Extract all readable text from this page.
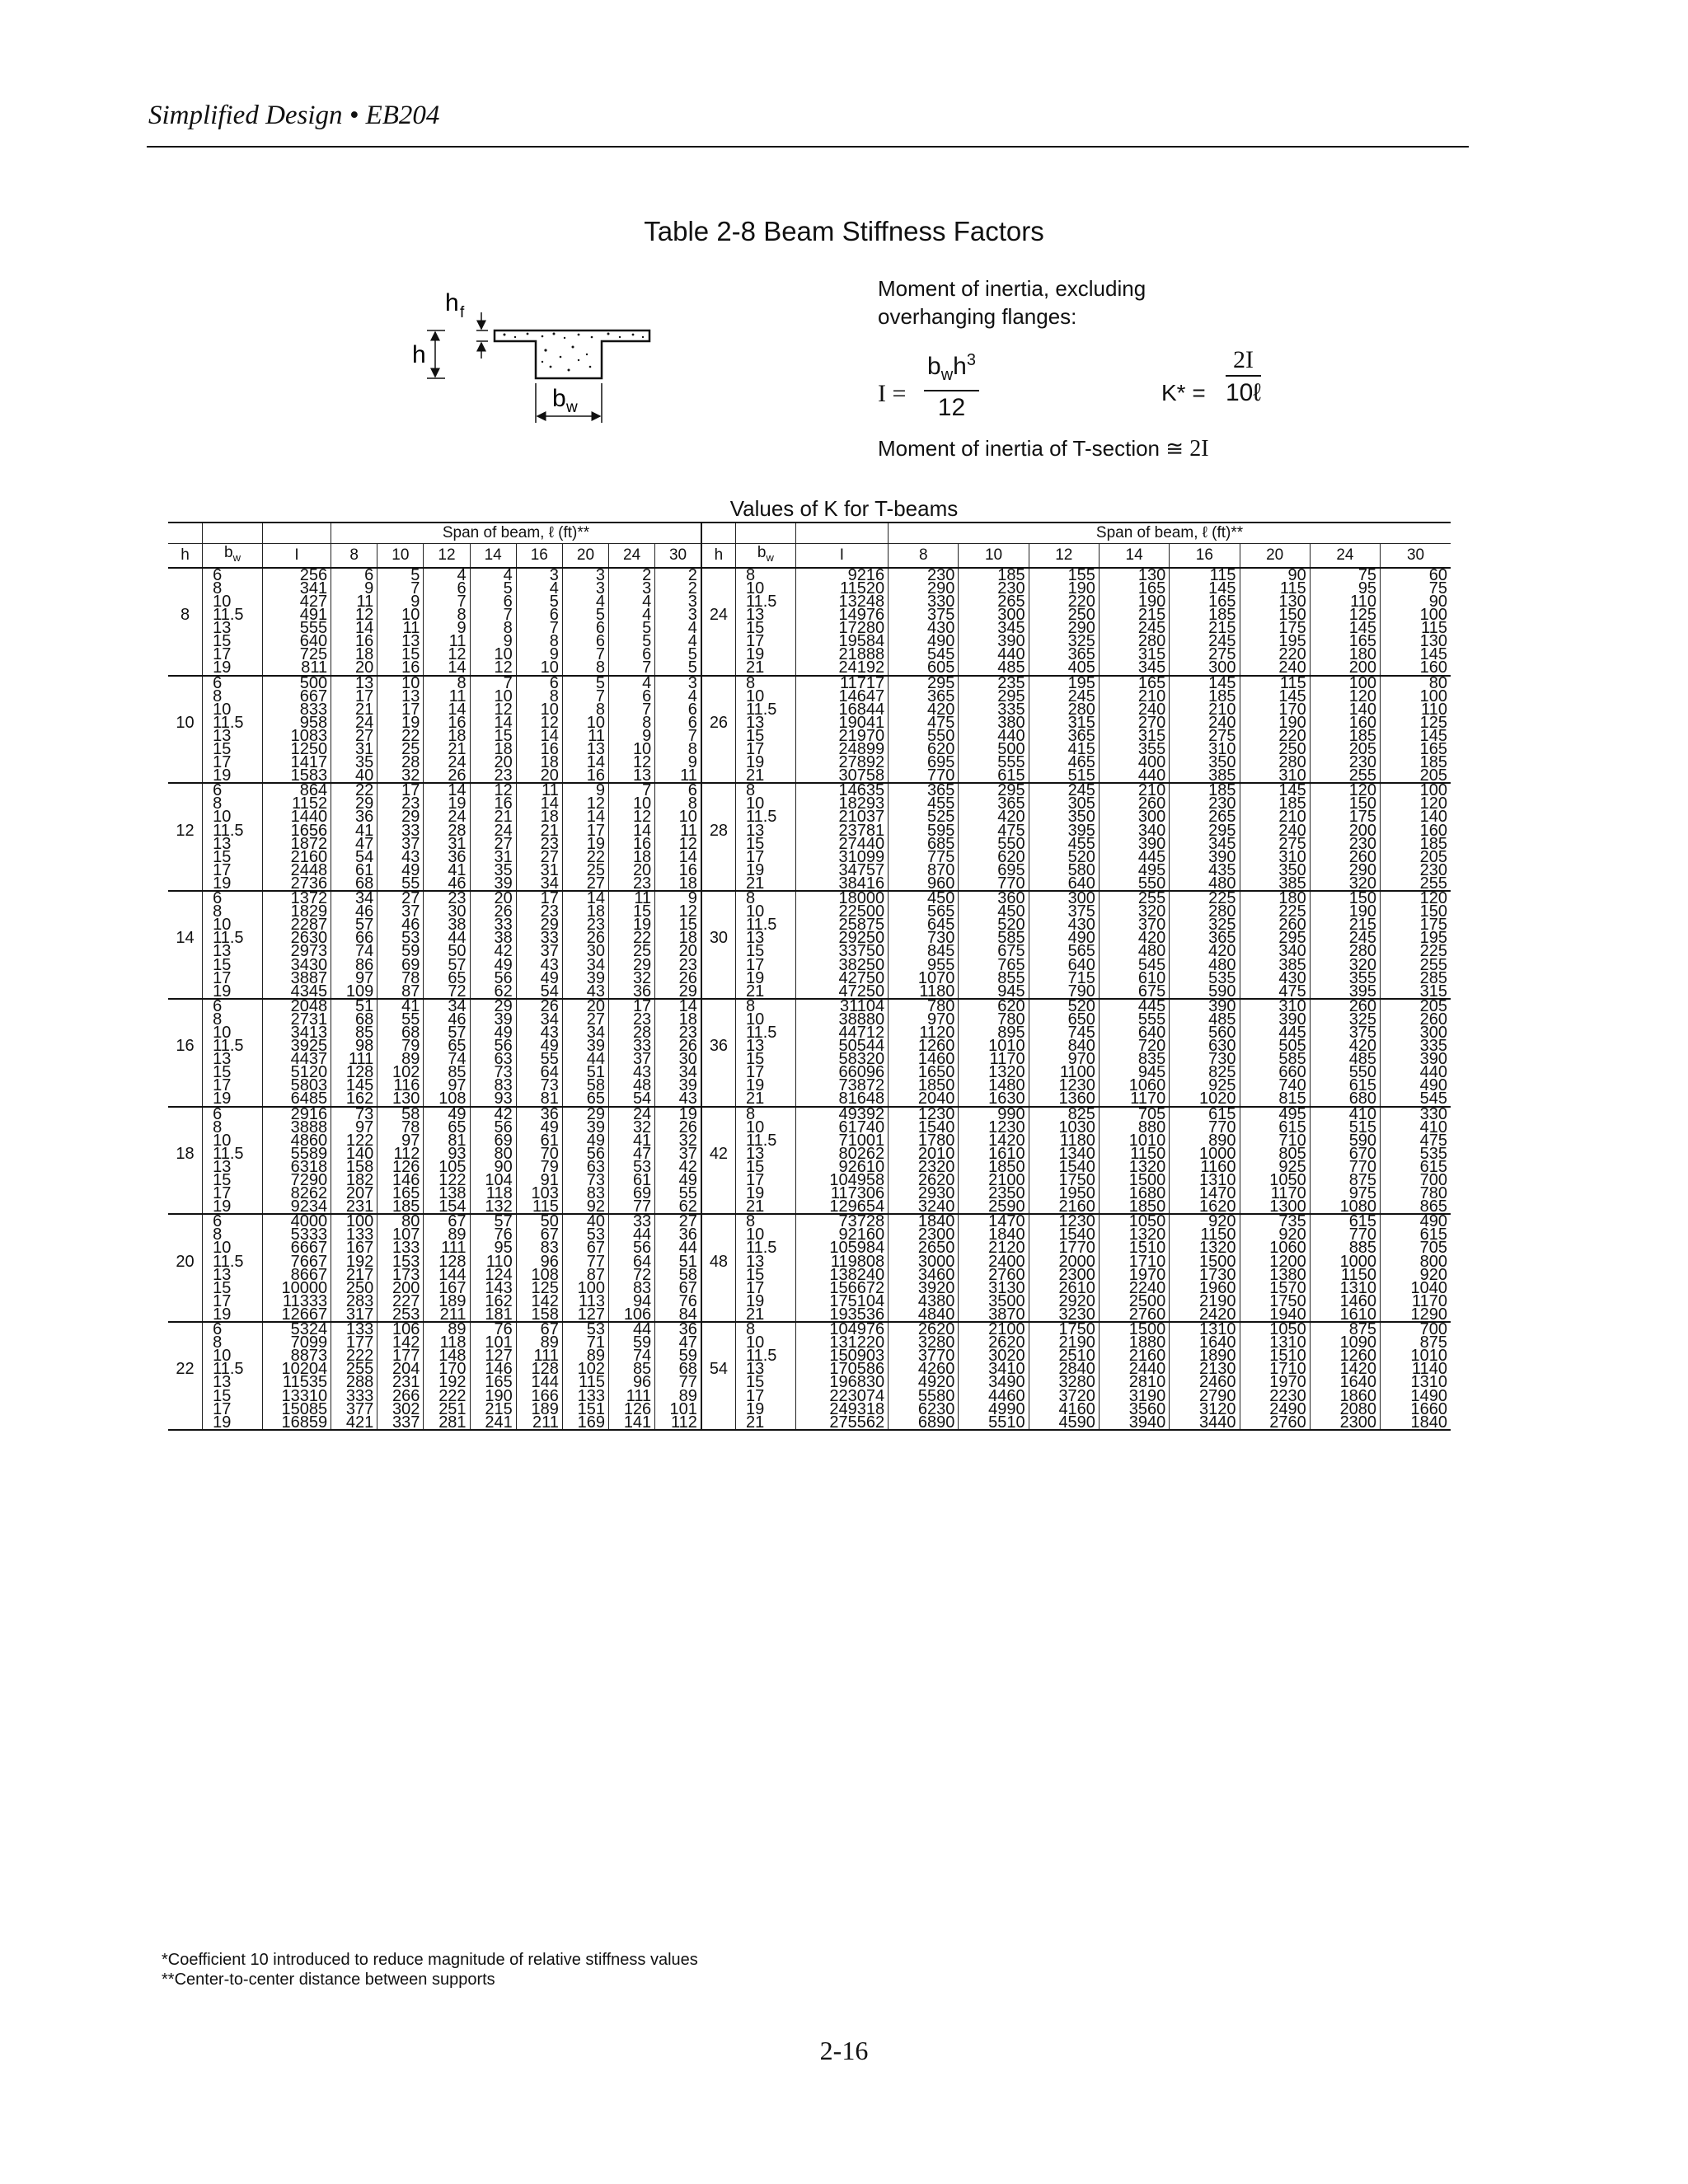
Simplified Design • EB204
Table 2-8 Beam Stiffness Factors
h f
h
b w
Moment of inertia, excluding
overhanging flanges:
I =
$b_wh^3$
12
K* =
2I
10ℓ
Moment of inertia of T-section ≅ 2I
Values of K for T-beams
			Span of beam, ℓ (ft)**											Span of beam, ℓ (ft)**							
h	$b_w$	I	8	10	12	14	16	20	24	30	h	$b_w$	I	8	10	12	14	16	20	24	30
	6	256	6	5	4	4	3	3	2	2		8	9216	230	185	155	130	115	90	75	60
	8	341	9	7	6	5	4	3	3	2		10	11520	290	230	190	165	145	115	95	75
	10	427	11	9	7	6	5	4	4	3		11.5	13248	330	265	220	190	165	130	110	90
8	11.5	491	12	10	8	7	6	5	4	3	24	13	14976	375	300	250	215	185	150	125	100
	13	555	14	11	9	8	7	6	5	4		15	17280	430	345	290	245	215	175	145	115
	15	640	16	13	11	9	8	6	5	4		17	19584	490	390	325	280	245	195	165	130
	17	725	18	15	12	10	9	7	6	5		19	21888	545	440	365	315	275	220	180	145
	19	811	20	16	14	12	10	8	7	5		21	24192	605	485	405	345	300	240	200	160
	6	500	13	10	8	7	6	5	4	3		8	11717	295	235	195	165	145	115	100	80
	8	667	17	13	11	10	8	7	6	4		10	14647	365	295	245	210	185	145	120	100
	10	833	21	17	14	12	10	8	7	6		11.5	16844	420	335	280	240	210	170	140	110
10	11.5	958	24	19	16	14	12	10	8	6	26	13	19041	475	380	315	270	240	190	160	125
	13	1083	27	22	18	15	14	11	9	7		15	21970	550	440	365	315	275	220	185	145
	15	1250	31	25	21	18	16	13	10	8		17	24899	620	500	415	355	310	250	205	165
	17	1417	35	28	24	20	18	14	12	9		19	27892	695	555	465	400	350	280	230	185
	19	1583	40	32	26	23	20	16	13	11		21	30758	770	615	515	440	385	310	255	205
	6	864	22	17	14	12	11	9	7	6		8	14635	365	295	245	210	185	145	120	100
	8	1152	29	23	19	16	14	12	10	8		10	18293	455	365	305	260	230	185	150	120
	10	1440	36	29	24	21	18	14	12	10		11.5	21037	525	420	350	300	265	210	175	140
12	11.5	1656	41	33	28	24	21	17	14	11	28	13	23781	595	475	395	340	295	240	200	160
	13	1872	47	37	31	27	23	19	16	12		15	27440	685	550	455	390	345	275	230	185
	15	2160	54	43	36	31	27	22	18	14		17	31099	775	620	520	445	390	310	260	205
	17	2448	61	49	41	35	31	25	20	16		19	34757	870	695	580	495	435	350	290	230
	19	2736	68	55	46	39	34	27	23	18		21	38416	960	770	640	550	480	385	320	255
	6	1372	34	27	23	20	17	14	11	9		8	18000	450	360	300	255	225	180	150	120
	8	1829	46	37	30	26	23	18	15	12		10	22500	565	450	375	320	280	225	190	150
	10	2287	57	46	38	33	29	23	19	15		11.5	25875	645	520	430	370	325	260	215	175
14	11.5	2630	66	53	44	38	33	26	22	18	30	13	29250	730	585	490	420	365	295	245	195
	13	2973	74	59	50	42	37	30	25	20		15	33750	845	675	565	480	420	340	280	225
	15	3430	86	69	57	49	43	34	29	23		17	38250	955	765	640	545	480	385	320	255
	17	3887	97	78	65	56	49	39	32	26		19	42750	1070	855	715	610	535	430	355	285
	19	4345	109	87	72	62	54	43	36	29		21	47250	1180	945	790	675	590	475	395	315
	6	2048	51	41	34	29	26	20	17	14		8	31104	780	620	520	445	390	310	260	205
	8	2731	68	55	46	39	34	27	23	18		10	38880	970	780	650	555	485	390	325	260
	10	3413	85	68	57	49	43	34	28	23		11.5	44712	1120	895	745	640	560	445	375	300
16	11.5	3925	98	79	65	56	49	39	33	26	36	13	50544	1260	1010	840	720	630	505	420	335
	13	4437	111	89	74	63	55	44	37	30		15	58320	1460	1170	970	835	730	585	485	390
	15	5120	128	102	85	73	64	51	43	34		17	66096	1650	1320	1100	945	825	660	550	440
	17	5803	145	116	97	83	73	58	48	39		19	73872	1850	1480	1230	1060	925	740	615	490
	19	6485	162	130	108	93	81	65	54	43		21	81648	2040	1630	1360	1170	1020	815	680	545
	6	2916	73	58	49	42	36	29	24	19		8	49392	1230	990	825	705	615	495	410	330
	8	3888	97	78	65	56	49	39	32	26		10	61740	1540	1230	1030	880	770	615	515	410
	10	4860	122	97	81	69	61	49	41	32		11.5	71001	1780	1420	1180	1010	890	710	590	475
18	11.5	5589	140	112	93	80	70	56	47	37	42	13	80262	2010	1610	1340	1150	1000	805	670	535
	13	6318	158	126	105	90	79	63	53	42		15	92610	2320	1850	1540	1320	1160	925	770	615
	15	7290	182	146	122	104	91	73	61	49		17	104958	2620	2100	1750	1500	1310	1050	875	700
	17	8262	207	165	138	118	103	83	69	55		19	117306	2930	2350	1950	1680	1470	1170	975	780
	19	9234	231	185	154	132	115	92	77	62		21	129654	3240	2590	2160	1850	1620	1300	1080	865
	6	4000	100	80	67	57	50	40	33	27		8	73728	1840	1470	1230	1050	920	735	615	490
	8	5333	133	107	89	76	67	53	44	36		10	92160	2300	1840	1540	1320	1150	920	770	615
	10	6667	167	133	111	95	83	67	56	44		11.5	105984	2650	2120	1770	1510	1320	1060	885	705
20	11.5	7667	192	153	128	110	96	77	64	51	48	13	119808	3000	2400	2000	1710	1500	1200	1000	800
	13	8667	217	173	144	124	108	87	72	58		15	138240	3460	2760	2300	1970	1730	1380	1150	920
	15	10000	250	200	167	143	125	100	83	67		17	156672	3920	3130	2610	2240	1960	1570	1310	1040
	17	11333	283	227	189	162	142	113	94	76		19	175104	4380	3500	2920	2500	2190	1750	1460	1170
	19	12667	317	253	211	181	158	127	106	84		21	193536	4840	3870	3230	2760	2420	1940	1610	1290
	6	5324	133	106	89	76	67	53	44	36		8	104976	2620	2100	1750	1500	1310	1050	875	700
	8	7099	177	142	118	101	89	71	59	47		10	131220	3280	2620	2190	1880	1640	1310	1090	875
	10	8873	222	177	148	127	111	89	74	59		11.5	150903	3770	3020	2510	2160	1890	1510	1260	1010
22	11.5	10204	255	204	170	146	128	102	85	68	54	13	170586	4260	3410	2840	2440	2130	1710	1420	1140
	13	11535	288	231	192	165	144	115	96	77		15	196830	4920	3490	3280	2810	2460	1970	1640	1310
	15	13310	333	266	222	190	166	133	111	89		17	223074	5580	4460	3720	3190	2790	2230	1860	1490
	17	15085	377	302	251	215	189	151	126	101		19	249318	6230	4990	4160	3560	3120	2490	2080	1660
	19	16859	421	337	281	241	211	169	141	112		21	275562	6890	5510	4590	3940	3440	2760	2300	1840
*Coefficient 10 introduced to reduce magnitude of relative stiffness values
**Center-to-center distance between supports
2-16
